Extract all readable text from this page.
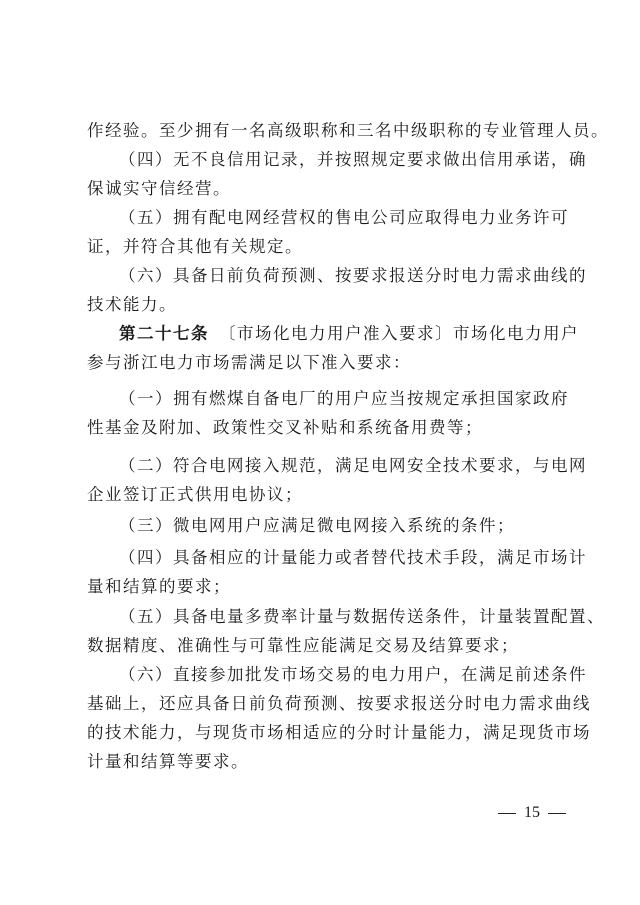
作经验。至少拥有一名高级职称和三名中级职称的专业管理人员。
（四）无不良信用记录，并按照规定要求做出信用承诺，确
保诚实守信经营。
（五）拥有配电网经营权的售电公司应取得电力业务许可
证，并符合其他有关规定。
（六）具备日前负荷预测、按要求报送分时电力需求曲线的
技术能力。
第二十七条 〔市场化电力用户准入要求〕市场化电力用户
参与浙江电力市场需满足以下准入要求：
（一）拥有燃煤自备电厂的用户应当按规定承担国家政府
性基金及附加、政策性交叉补贴和系统备用费等；
（二）符合电网接入规范，满足电网安全技术要求，与电网
企业签订正式供用电协议；
（三）微电网用户应满足微电网接入系统的条件；
（四）具备相应的计量能力或者替代技术手段，满足市场计
量和结算的要求；
（五）具备电量多费率计量与数据传送条件，计量装置配置、
数据精度、准确性与可靠性应能满足交易及结算要求；
（六）直接参加批发市场交易的电力用户，在满足前述条件
基础上，还应具备日前负荷预测、按要求报送分时电力需求曲线
的技术能力，与现货市场相适应的分时计量能力，满足现货市场
计量和结算等要求。
15
